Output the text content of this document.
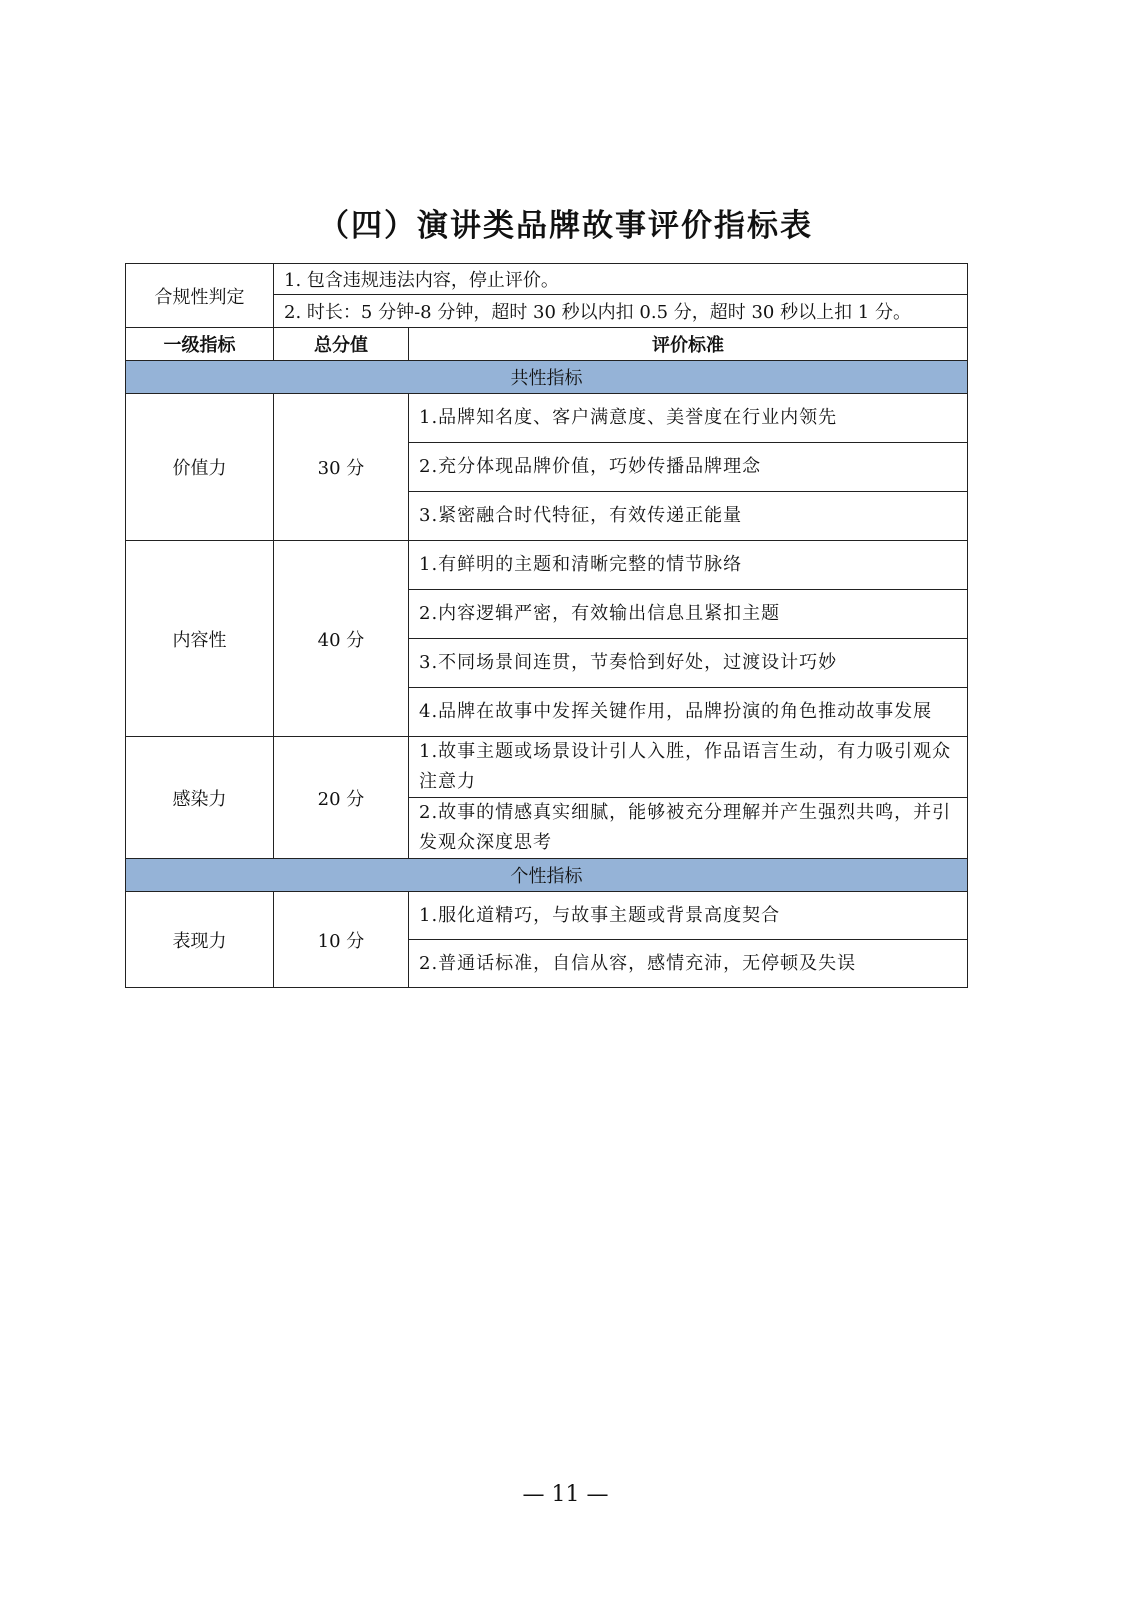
（四）演讲类品牌故事评价指标表
合规性判定	1. 包含违规违法内容，停止评价。	
	2. 时长：5 分钟-8 分钟，超时 30 秒以内扣 0.5 分，超时 30 秒以上扣 1 分。	
一级指标	总分值	评价标准
共性指标		
价值力	30 分	1.品牌知名度、客户满意度、美誉度在行业内领先
		2.充分体现品牌价值，巧妙传播品牌理念
		3.紧密融合时代特征，有效传递正能量
内容性	40 分	1.有鲜明的主题和清晰完整的情节脉络
		2.内容逻辑严密，有效输出信息且紧扣主题
		3.不同场景间连贯，节奏恰到好处，过渡设计巧妙
		4.品牌在故事中发挥关键作用，品牌扮演的角色推动故事发展
感染力	20 分	1.故事主题或场景设计引人入胜，作品语言生动，有力吸引观众注意力
		2.故事的情感真实细腻，能够被充分理解并产生强烈共鸣，并引发观众深度思考
个性指标		
表现力	10 分	1.服化道精巧，与故事主题或背景高度契合
		2.普通话标准，自信从容，感情充沛，无停顿及失误
— 11 —
